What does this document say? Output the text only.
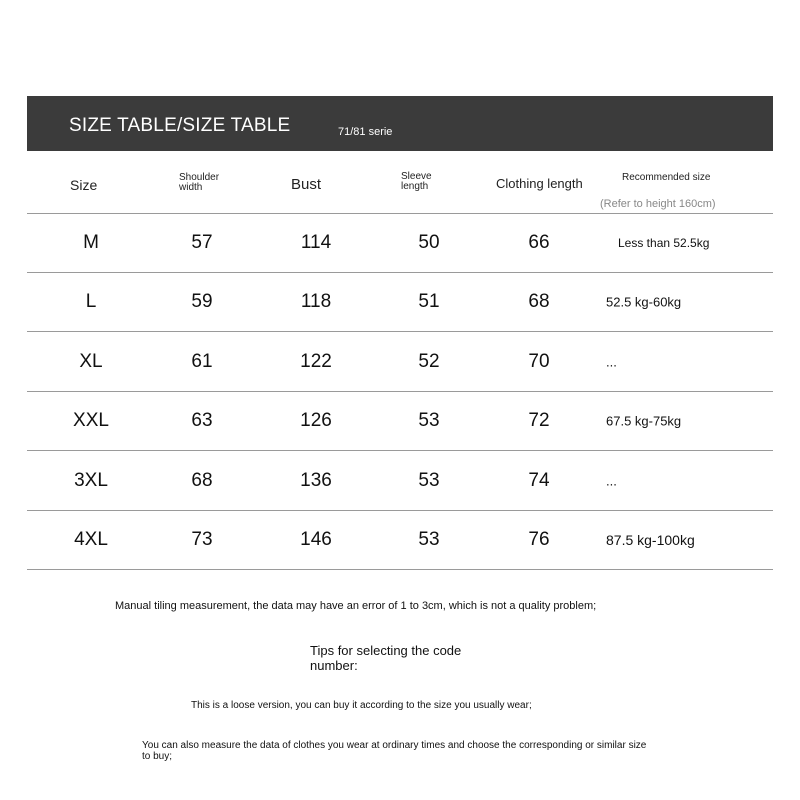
SIZE TABLE/SIZE TABLE	71/81 serie
Size	Shoulder width	Bust	Sleeve length	Clothing length	Recommended size
(Refer to height 160cm)
M	57	114	50	66	Less than 52.5kg
L	59	118	51	68	52.5 kg-60kg
XL	61	122	52	70	...
XXL	63	126	53	72	67.5 kg-75kg
3XL	68	136	53	74	...
4XL	73	146	53	76	87.5 kg-100kg
Manual tiling measurement, the data may have an error of 1 to 3cm, which is not a quality problem;
Tips for selecting the code number:
This is a loose version, you can buy it according to the size you usually wear;
You can also measure the data of clothes you wear at ordinary times and choose the corresponding or similar size to buy;
